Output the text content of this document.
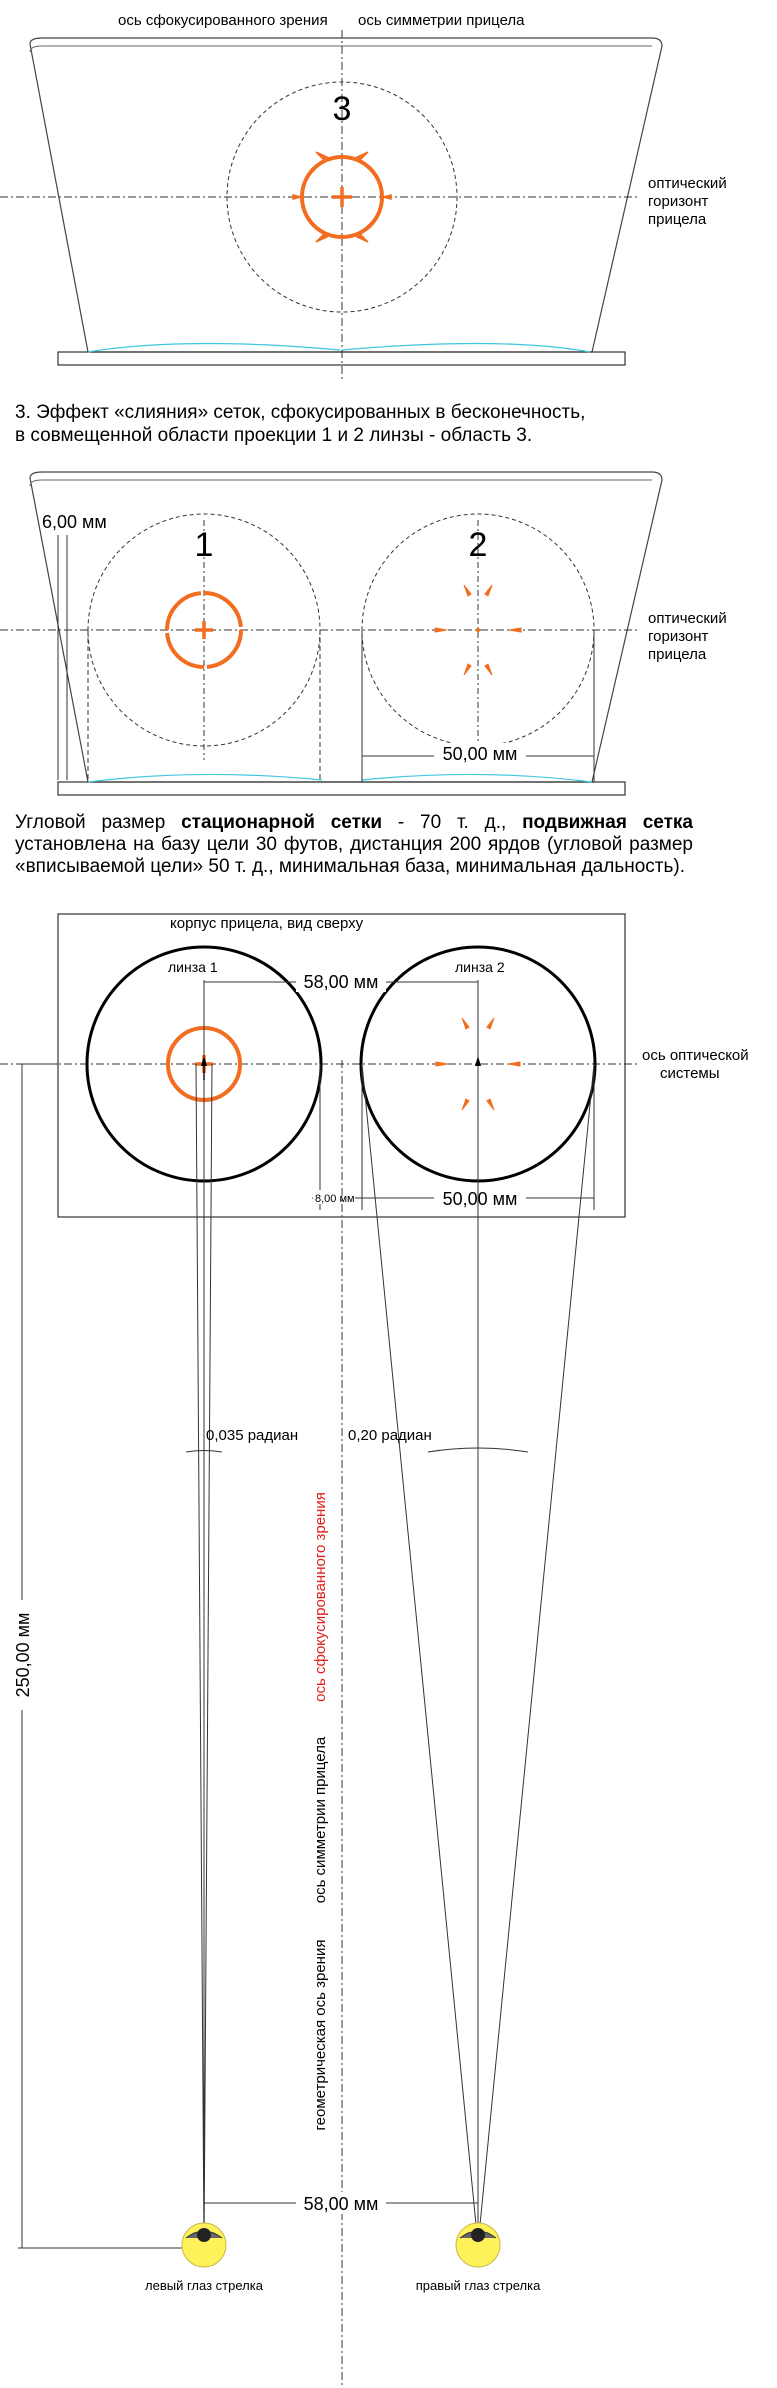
ось сфокусированного зрения ось симметрии прицела
3
оптический
горизонт
прицела
3. Эффект «слияния» сеток, сфокусированных в бесконечность,
в совмещенной области проекции 1 и 2 линзы - область 3.
6,00 мм
1	2
50,00 мм
оптический
горизонт
прицела
корпус прицела, вид сверху
ось оптической
системы
линза 1	линза 2
58,00 мм
8,00 мм	50,00 мм
250,00 мм
0,035 радиан	0,20 радиан
ось сфокусированного зрения
ось симметрии прицела
геометрическая ось зрения
58,00 мм
левый глаз стрелка	правый глаз стрелка
Угловой размер стационарной сетки - 70 т. д., подвижная сетка установлена на базу цели 30 футов, дистанция 200 ярдов (угловой размер «вписываемой цели» 50 т. д., минимальная база, минимальная дальность).
